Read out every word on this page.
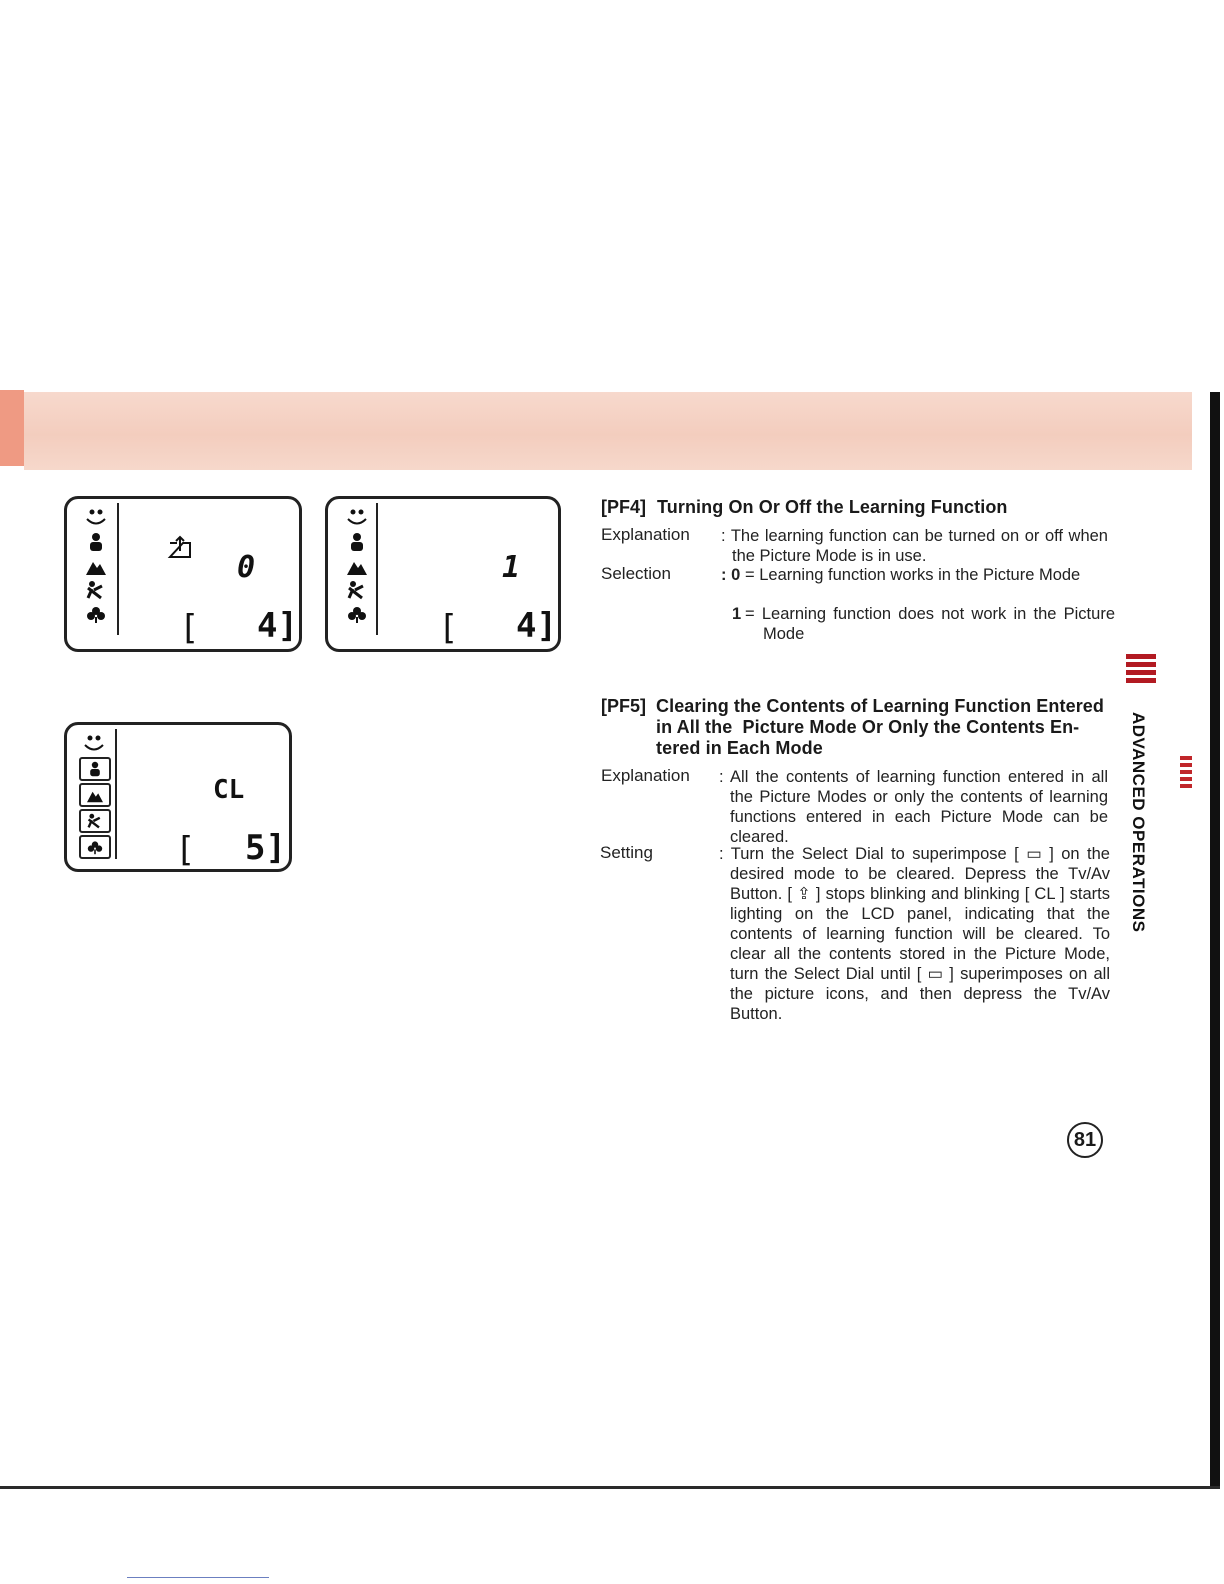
0
[ 4]
1
[ 4]
CL
[ 5]
[PF4] Turning On Or Off the Learning Function
Explanation : The learning function can be turned on or off when the Picture Mode is in use.
Selection	: 0 = Learning function works in the Picture Mode
1 = Learning function does not work in the Picture Mode
[PF5] Clearing the Contents of Learning Function Entered
in All the  Picture Mode Or Only the Contents En-
tered in Each Mode
Explanation : All the contents of learning function entered in all the Picture Modes or only the contents of learning functions entered in each Picture Mode can be cleared.
Setting	: Turn the Select Dial to superimpose [ ▭ ] on the desired mode to be cleared. Depress the Tv/Av Button. [ ⇪ ] stops blinking and blinking [ CL ] starts lighting on the LCD panel, indicating that the contents of learning function will be cleared. To clear all the contents stored in the Picture Mode, turn the Select Dial until [ ▭ ] superimposes on all the picture icons, and then depress the Tv/Av Button.
ADVANCED OPERATIONS
81
